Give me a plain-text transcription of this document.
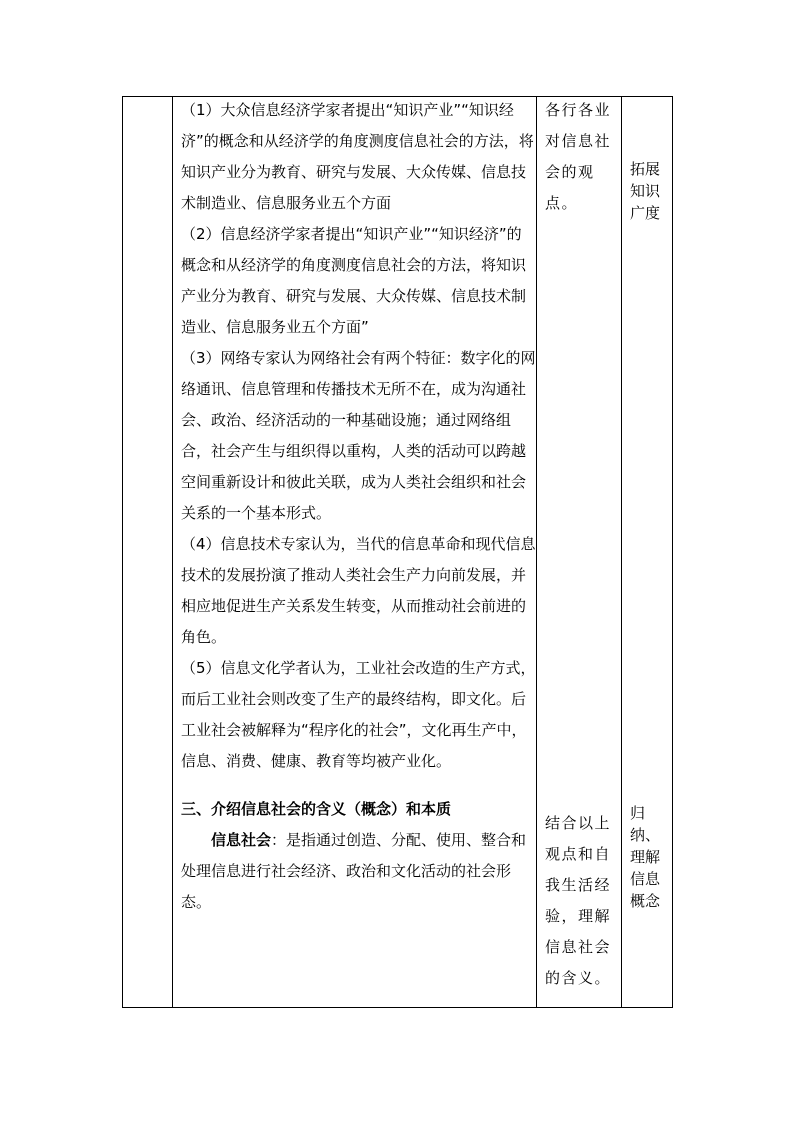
（1）大众信息经济学家者提出“知识产业”“知识经济”的概念和从经济学的角度测度信息社会的方法，将知识产业分为教育、研究与发展、大众传媒、信息技术制造业、信息服务业五个方面

（2）信息经济学家者提出“知识产业”“知识经济”的概念和从经济学的角度测度信息社会的方法，将知识产业分为教育、研究与发展、大众传媒、信息技术制造业、信息服务业五个方面”

（3）网络专家认为网络社会有两个特征：数字化的网络通讯、信息管理和传播技术无所不在，成为沟通社会、政治、经济活动的一种基础设施；通过网络组合，社会产生与组织得以重构，人类的活动可以跨越空间重新设计和彼此关联，成为人类社会组织和社会关系的一个基本形式。

（4）信息技术专家认为，当代的信息革命和现代信息技术的发展扮演了推动人类社会生产力向前发展，并相应地促进生产关系发生转变，从而推动社会前进的角色。

（5）信息文化学者认为，工业社会改造的生产方式，而后工业社会则改变了生产的最终结构，即文化。后工业社会被解释为“程序化的社会”，文化再生产中，信息、消费、健康、教育等均被产业化。

三、介绍信息社会的含义（概念）和本质

信息社会：是指通过创造、分配、使用、整合和处理信息进行社会经济、政治和文化活动的社会形态。

各行各业对信息社会的观点。
拓展知识广度
结合以上观点和自我生活经验，理解信息社会的含义。
归纳、理解信息概念
